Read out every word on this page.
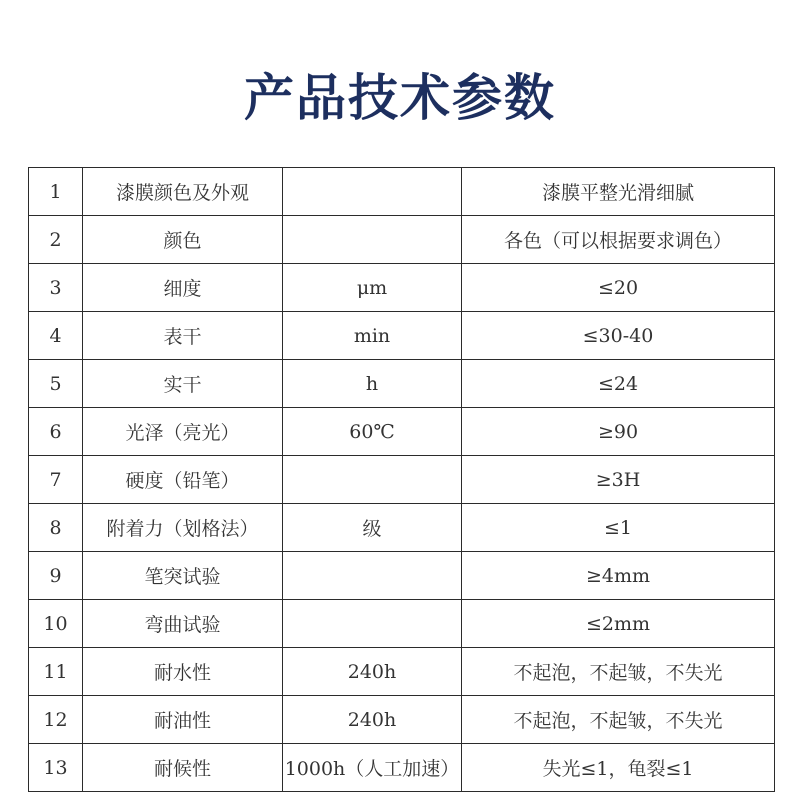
产品技术参数
1	漆膜颜色及外观		漆膜平整光滑细腻
2	颜色		各色（可以根据要求调色）
3	细度	μm	≤20
4	表干	min	≤30-40
5	实干	h	≤24
6	光泽（亮光）	60℃	≥90
7	硬度（铅笔）		≥3H
8	附着力（划格法）	级	≤1
9	笔突试验		≥4mm
10	弯曲试验		≤2mm
11	耐水性	240h	不起泡，不起皱，不失光
12	耐油性	240h	不起泡，不起皱，不失光
13	耐候性	1000h（人工加速）	失光≤1，龟裂≤1
